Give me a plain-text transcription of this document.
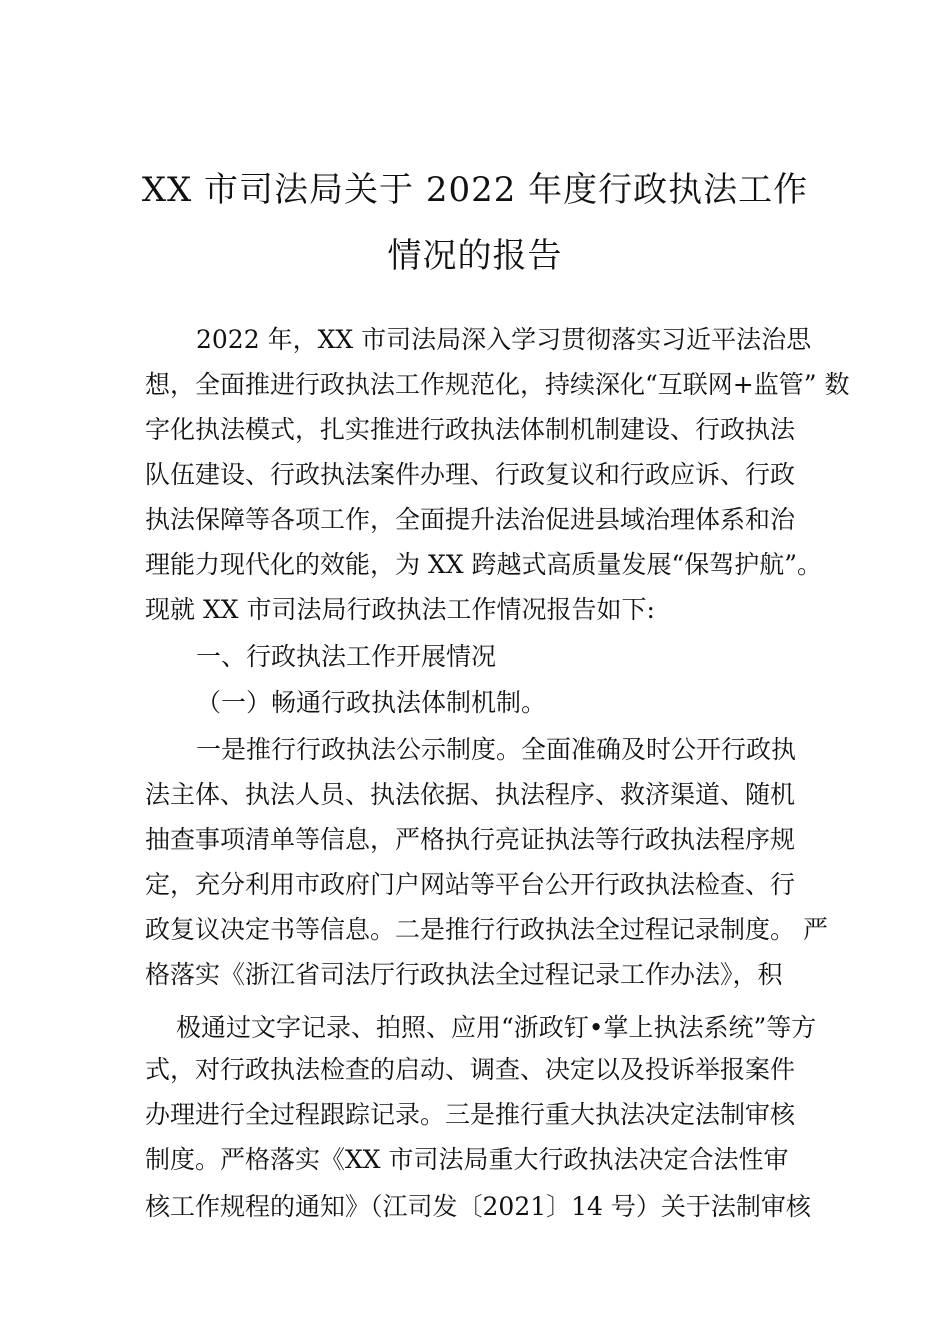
XX 市司法局关于 2022 年度行政执法工作
情况的报告
2022 年，XX 市司法局深入学习贯彻落实习近平法治思
想，全面推进行政执法工作规范化，持续深化“互联网+监管” 数
字化执法模式，扎实推进行政执法体制机制建设、行政执法
队伍建设、行政执法案件办理、行政复议和行政应诉、行政
执法保障等各项工作，全面提升法治促进县域治理体系和治
理能力现代化的效能，为 XX 跨越式高质量发展“保驾护航”。
现就 XX 市司法局行政执法工作情况报告如下:
一、行政执法工作开展情况
（一）畅通行政执法体制机制。
一是推行行政执法公示制度。全面准确及时公开行政执
法主体、执法人员、执法依据、执法程序、救济渠道、随机
抽查事项清单等信息，严格执行亮证执法等行政执法程序规
定，充分利用市政府门户网站等平台公开行政执法检查、行
政复议决定书等信息。二是推行行政执法全过程记录制度。 严
格落实《浙江省司法厅行政执法全过程记录工作办法》，积
极通过文字记录、拍照、应用“浙政钉•掌上执法系统”等方
式，对行政执法检查的启动、调查、决定以及投诉举报案件
办理进行全过程跟踪记录。三是推行重大执法决定法制审核
制度。严格落实《XX 市司法局重大行政执法决定合法性审
核工作规程的通知》（江司发〔2021〕14 号）关于法制审核
